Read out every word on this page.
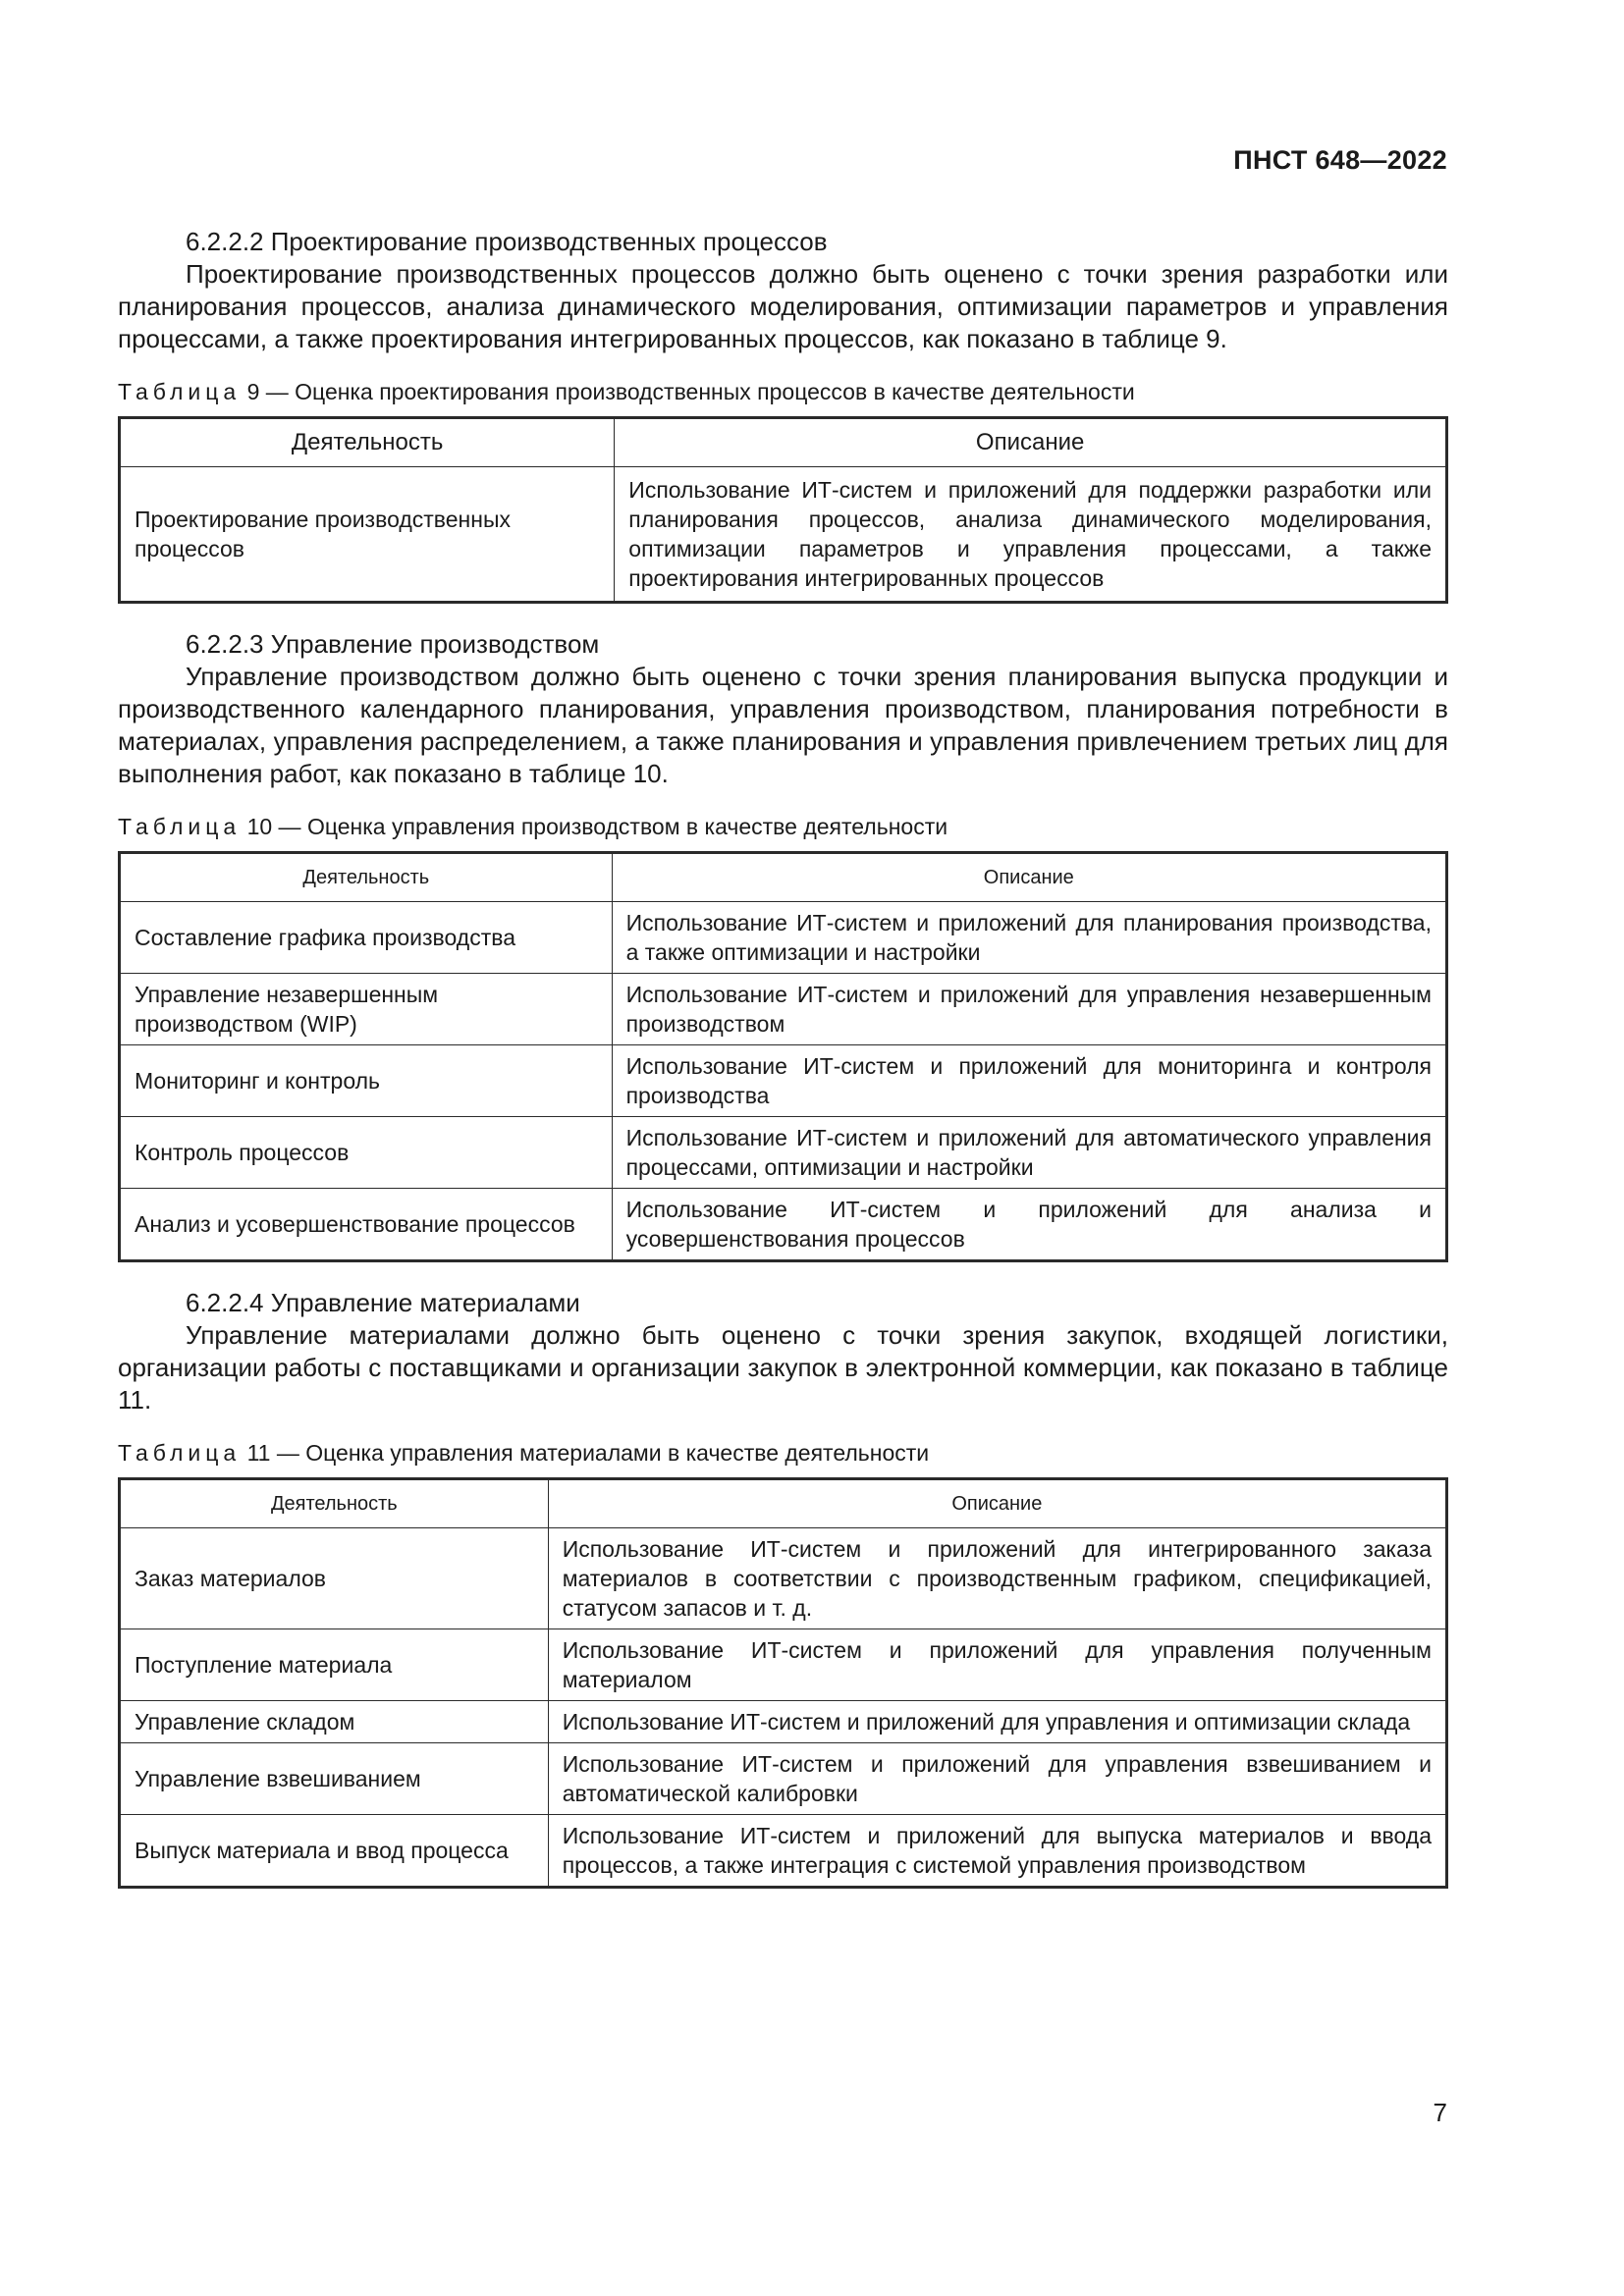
ПНСТ 648—2022

6.2.2.2 Проектирование производственных процессов

Проектирование производственных процессов должно быть оценено с точки зрения разработки или планирования процессов, анализа динамического моделирования, оптимизации параметров и управления процессами, а также проектирования интегрированных процессов, как показано в таблице 9.

Таблица 9 — Оценка проектирования производственных процессов в качестве деятельности

Деятельность	Описание
Проектирование производственных процессов	Использование ИТ-систем и приложений для поддержки разработки или планирования процессов, анализа динамического моделирования, оптимизации параметров и управления процессами, а также проектирования интегрированных процессов

6.2.2.3 Управление производством

Управление производством должно быть оценено с точки зрения планирования выпуска продукции и производственного календарного планирования, управления производством, планирования потребности в материалах, управления распределением, а также планирования и управления привлечением третьих лиц для выполнения работ, как показано в таблице 10.

Таблица 10 — Оценка управления производством в качестве деятельности

Деятельность	Описание
Составление графика производства	Использование ИТ-систем и приложений для планирования производства, а также оптимизации и настройки
Управление незавершенным производством (WIP)	Использование ИТ-систем и приложений для управления незавершенным производством
Мониторинг и контроль	Использование ИТ-систем и приложений для мониторинга и контроля производства
Контроль процессов	Использование ИТ-систем и приложений для автоматического управления процессами, оптимизации и настройки
Анализ и усовершенствование процессов	Использование ИТ-систем и приложений для анализа и усовершенствования процессов

6.2.2.4 Управление материалами

Управление материалами должно быть оценено с точки зрения закупок, входящей логистики, организации работы с поставщиками и организации закупок в электронной коммерции, как показано в таблице 11.

Таблица 11 — Оценка управления материалами в качестве деятельности

Деятельность	Описание
Заказ материалов	Использование ИТ-систем и приложений для интегрированного заказа материалов в соответствии с производственным графиком, спецификацией, статусом запасов и т. д.
Поступление материала	Использование ИТ-систем и приложений для управления полученным материалом
Управление складом	Использование ИТ-систем и приложений для управления и оптимизации склада
Управление взвешиванием	Использование ИТ-систем и приложений для управления взвешиванием и автоматической калибровки
Выпуск материала и ввод процесса	Использование ИТ-систем и приложений для выпуска материалов и ввода процессов, а также интеграция с системой управления производством
7
